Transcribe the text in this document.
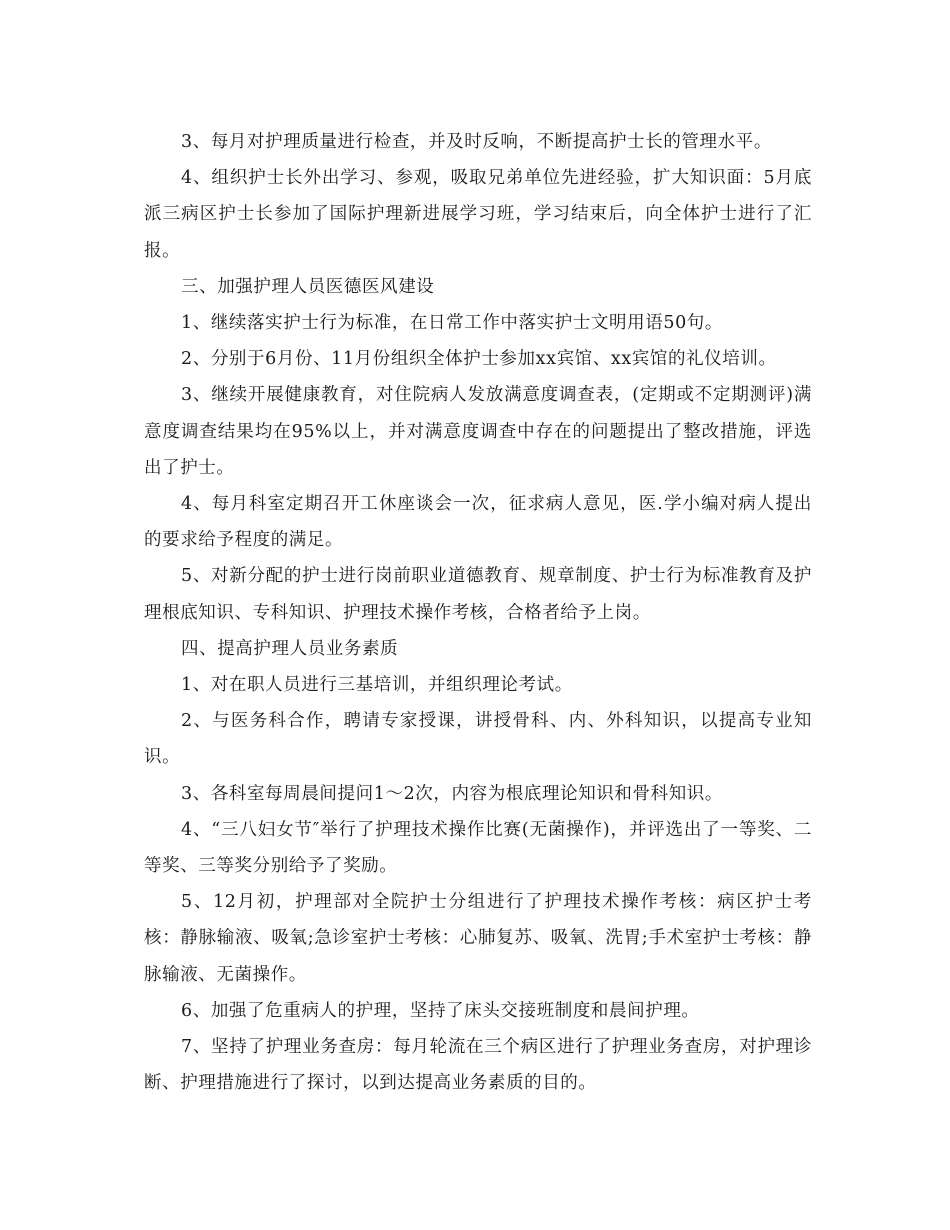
3、每月对护理质量进行检查，并及时反响，不断提高护士长的管理水平。

4、组织护士长外出学习、参观，吸取兄弟单位先进经验，扩大知识面：5月底派三病区护士长参加了国际护理新进展学习班，学习结束后，向全体护士进行了汇报。

三、加强护理人员医德医风建设

1、继续落实护士行为标准，在日常工作中落实护士文明用语50句。

2、分别于6月份、11月份组织全体护士参加xx宾馆、xx宾馆的礼仪培训。

3、继续开展健康教育，对住院病人发放满意度调查表，(定期或不定期测评)满意度调查结果均在95%以上，并对满意度调查中存在的问题提出了整改措施，评选出了护士。

4、每月科室定期召开工休座谈会一次，征求病人意见，医.学小编对病人提出的要求给予程度的满足。

5、对新分配的护士进行岗前职业道德教育、规章制度、护士行为标准教育及护理根底知识、专科知识、护理技术操作考核，合格者给予上岗。

四、提高护理人员业务素质

1、对在职人员进行三基培训，并组织理论考试。

2、与医务科合作，聘请专家授课，讲授骨科、内、外科知识，以提高专业知识。

3、各科室每周晨间提问1～2次，内容为根底理论知识和骨科知识。

4、“三八妇女节″举行了护理技术操作比赛(无菌操作)，并评选出了一等奖、二等奖、三等奖分别给予了奖励。

5、12月初，护理部对全院护士分组进行了护理技术操作考核：病区护士考核：静脉输液、吸氧;急诊室护士考核：心肺复苏、吸氧、洗胃;手术室护士考核：静脉输液、无菌操作。

6、加强了危重病人的护理，坚持了床头交接班制度和晨间护理。

7、坚持了护理业务查房：每月轮流在三个病区进行了护理业务查房，对护理诊断、护理措施进行了探讨，以到达提高业务素质的目的。
